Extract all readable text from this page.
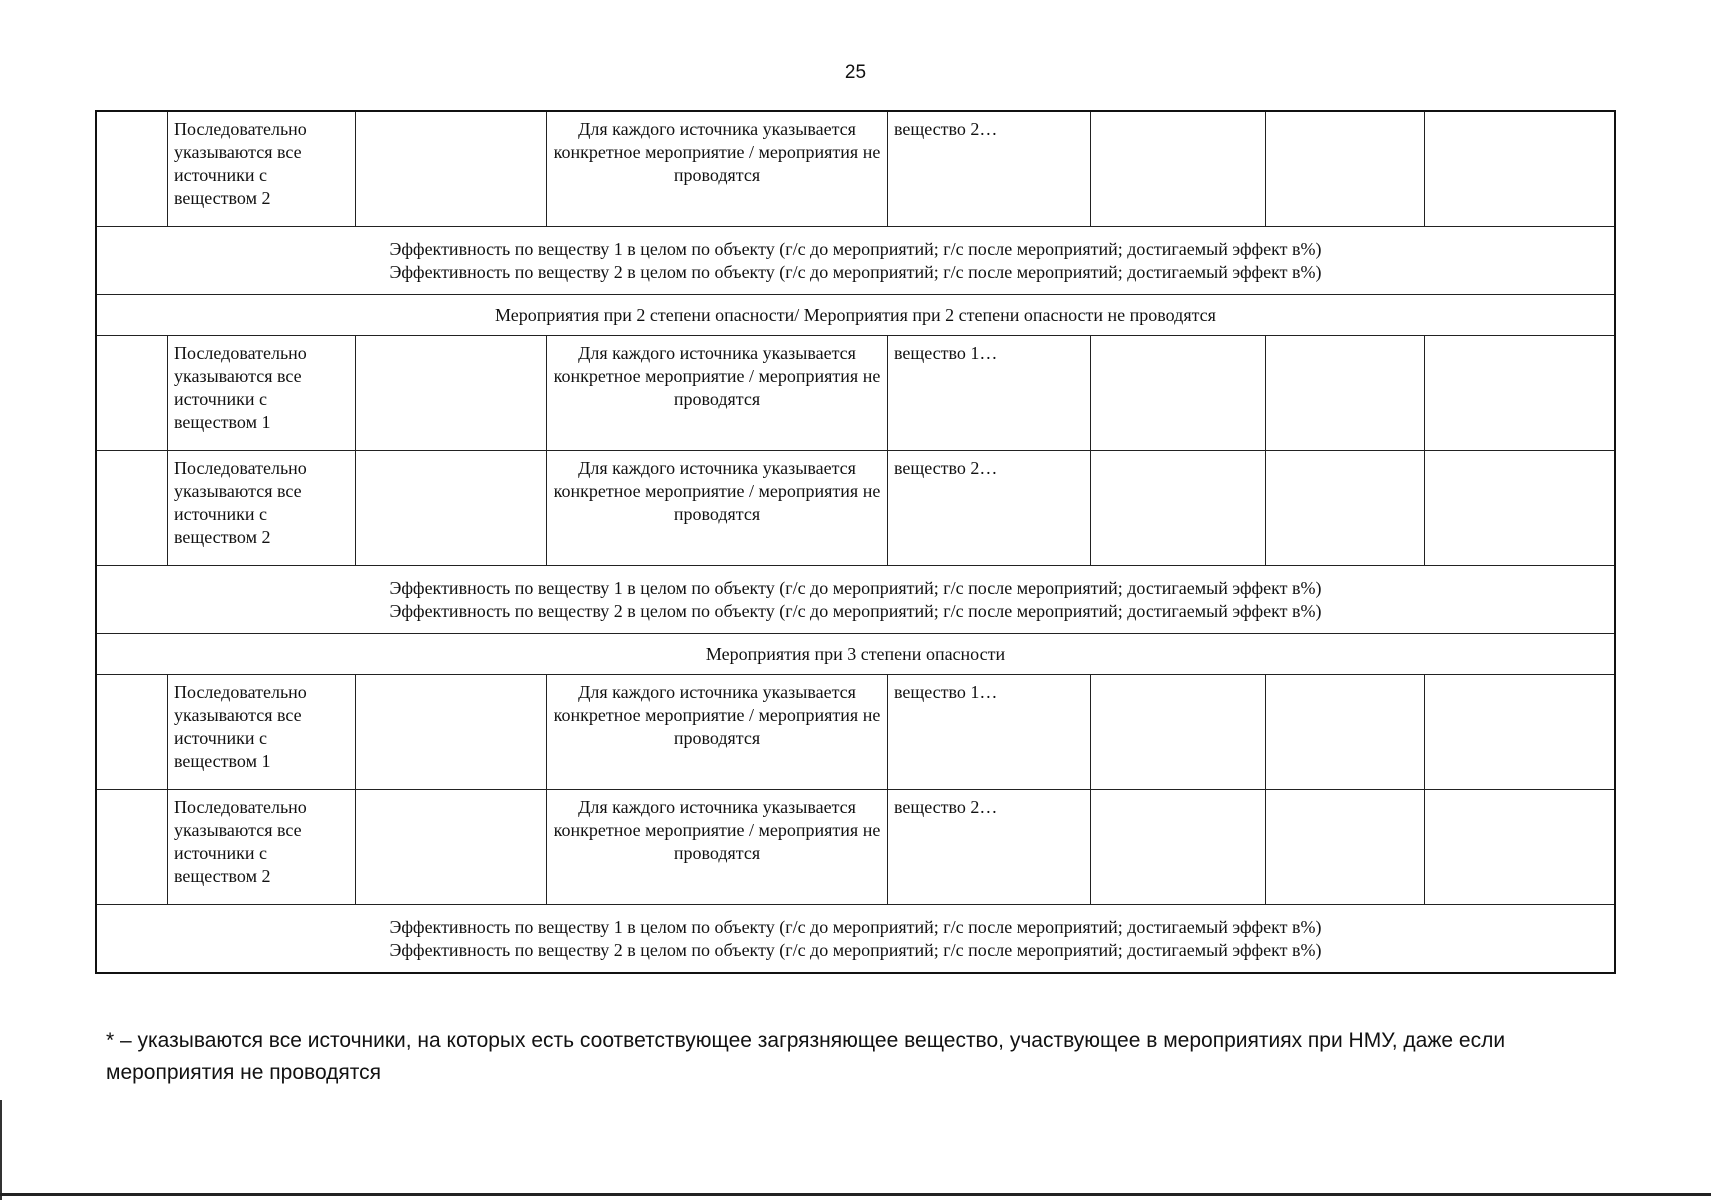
25
	Последовательно указываются все источники с веществом 2		Для каждого источника указывается конкретное мероприятие / мероприятия не проводятся	вещество 2…			

Эффективность по веществу 1 в целом по объекту (г/с до мероприятий; г/с после мероприятий; достигаемый эффект в%)
Эффективность по веществу 2 в целом по объекту (г/с до мероприятий; г/с после мероприятий; достигаемый эффект в%)							

Мероприятия при 2 степени опасности/ Мероприятия при 2 степени опасности не проводятся							
	Последовательно указываются все источники с веществом 1		Для каждого источника указывается конкретное мероприятие / мероприятия не проводятся	вещество 1…			
	Последовательно указываются все источники с веществом 2		Для каждого источника указывается конкретное мероприятие / мероприятия не проводятся	вещество 2…			

Эффективность по веществу 1 в целом по объекту (г/с до мероприятий; г/с после мероприятий; достигаемый эффект в%)
Эффективность по веществу 2 в целом по объекту (г/с до мероприятий; г/с после мероприятий; достигаемый эффект в%)							

Мероприятия при 3 степени опасности							
	Последовательно указываются все источники с веществом 1		Для каждого источника указывается конкретное мероприятие / мероприятия не проводятся	вещество 1…			
	Последовательно указываются все источники с веществом 2		Для каждого источника указывается конкретное мероприятие / мероприятия не проводятся	вещество 2…			

Эффективность по веществу 1 в целом по объекту (г/с до мероприятий; г/с после мероприятий; достигаемый эффект в%)
Эффективность по веществу 2 в целом по объекту (г/с до мероприятий; г/с после мероприятий; достигаемый эффект в%)							
* – указываются все источники, на которых есть соответствующее загрязняющее вещество, участвующее в мероприятиях при НМУ, даже если мероприятия не проводятся
